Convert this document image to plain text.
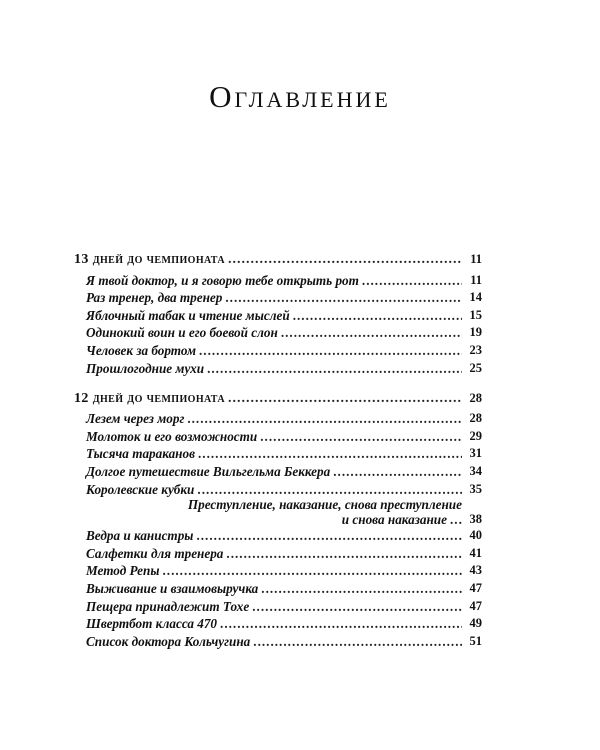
Оглавление
13 дней до чемпионата .....	11
Я твой доктор, и я говорю тебе открыть рот .....	11
Раз тренер, два тренер .....	14
Яблочный табак и чтение мыслей .....	15
Одинокий воин и его боевой слон .....	19
Человек за бортом .....	23
Прошлогодние мухи .....	25
12 дней до чемпионата .....	28
Лезем через морг .....	28
Молоток и его возможности .....	29
Тысяча тараканов .....	31
Долгое путешествие Вильгельма Беккера .....	34
Королевские кубки .....	35
Преступление, наказание, снова преступление
и снова наказание .....	38
Ведра и канистры .....	40
Салфетки для тренера .....	41
Метод Репы .....	43
Выживание и взаимовыручка .....	47
Пещера принадлежит Тохе .....	47
Швертбот класса 470 .....	49
Список доктора Кольчугина .....	51
